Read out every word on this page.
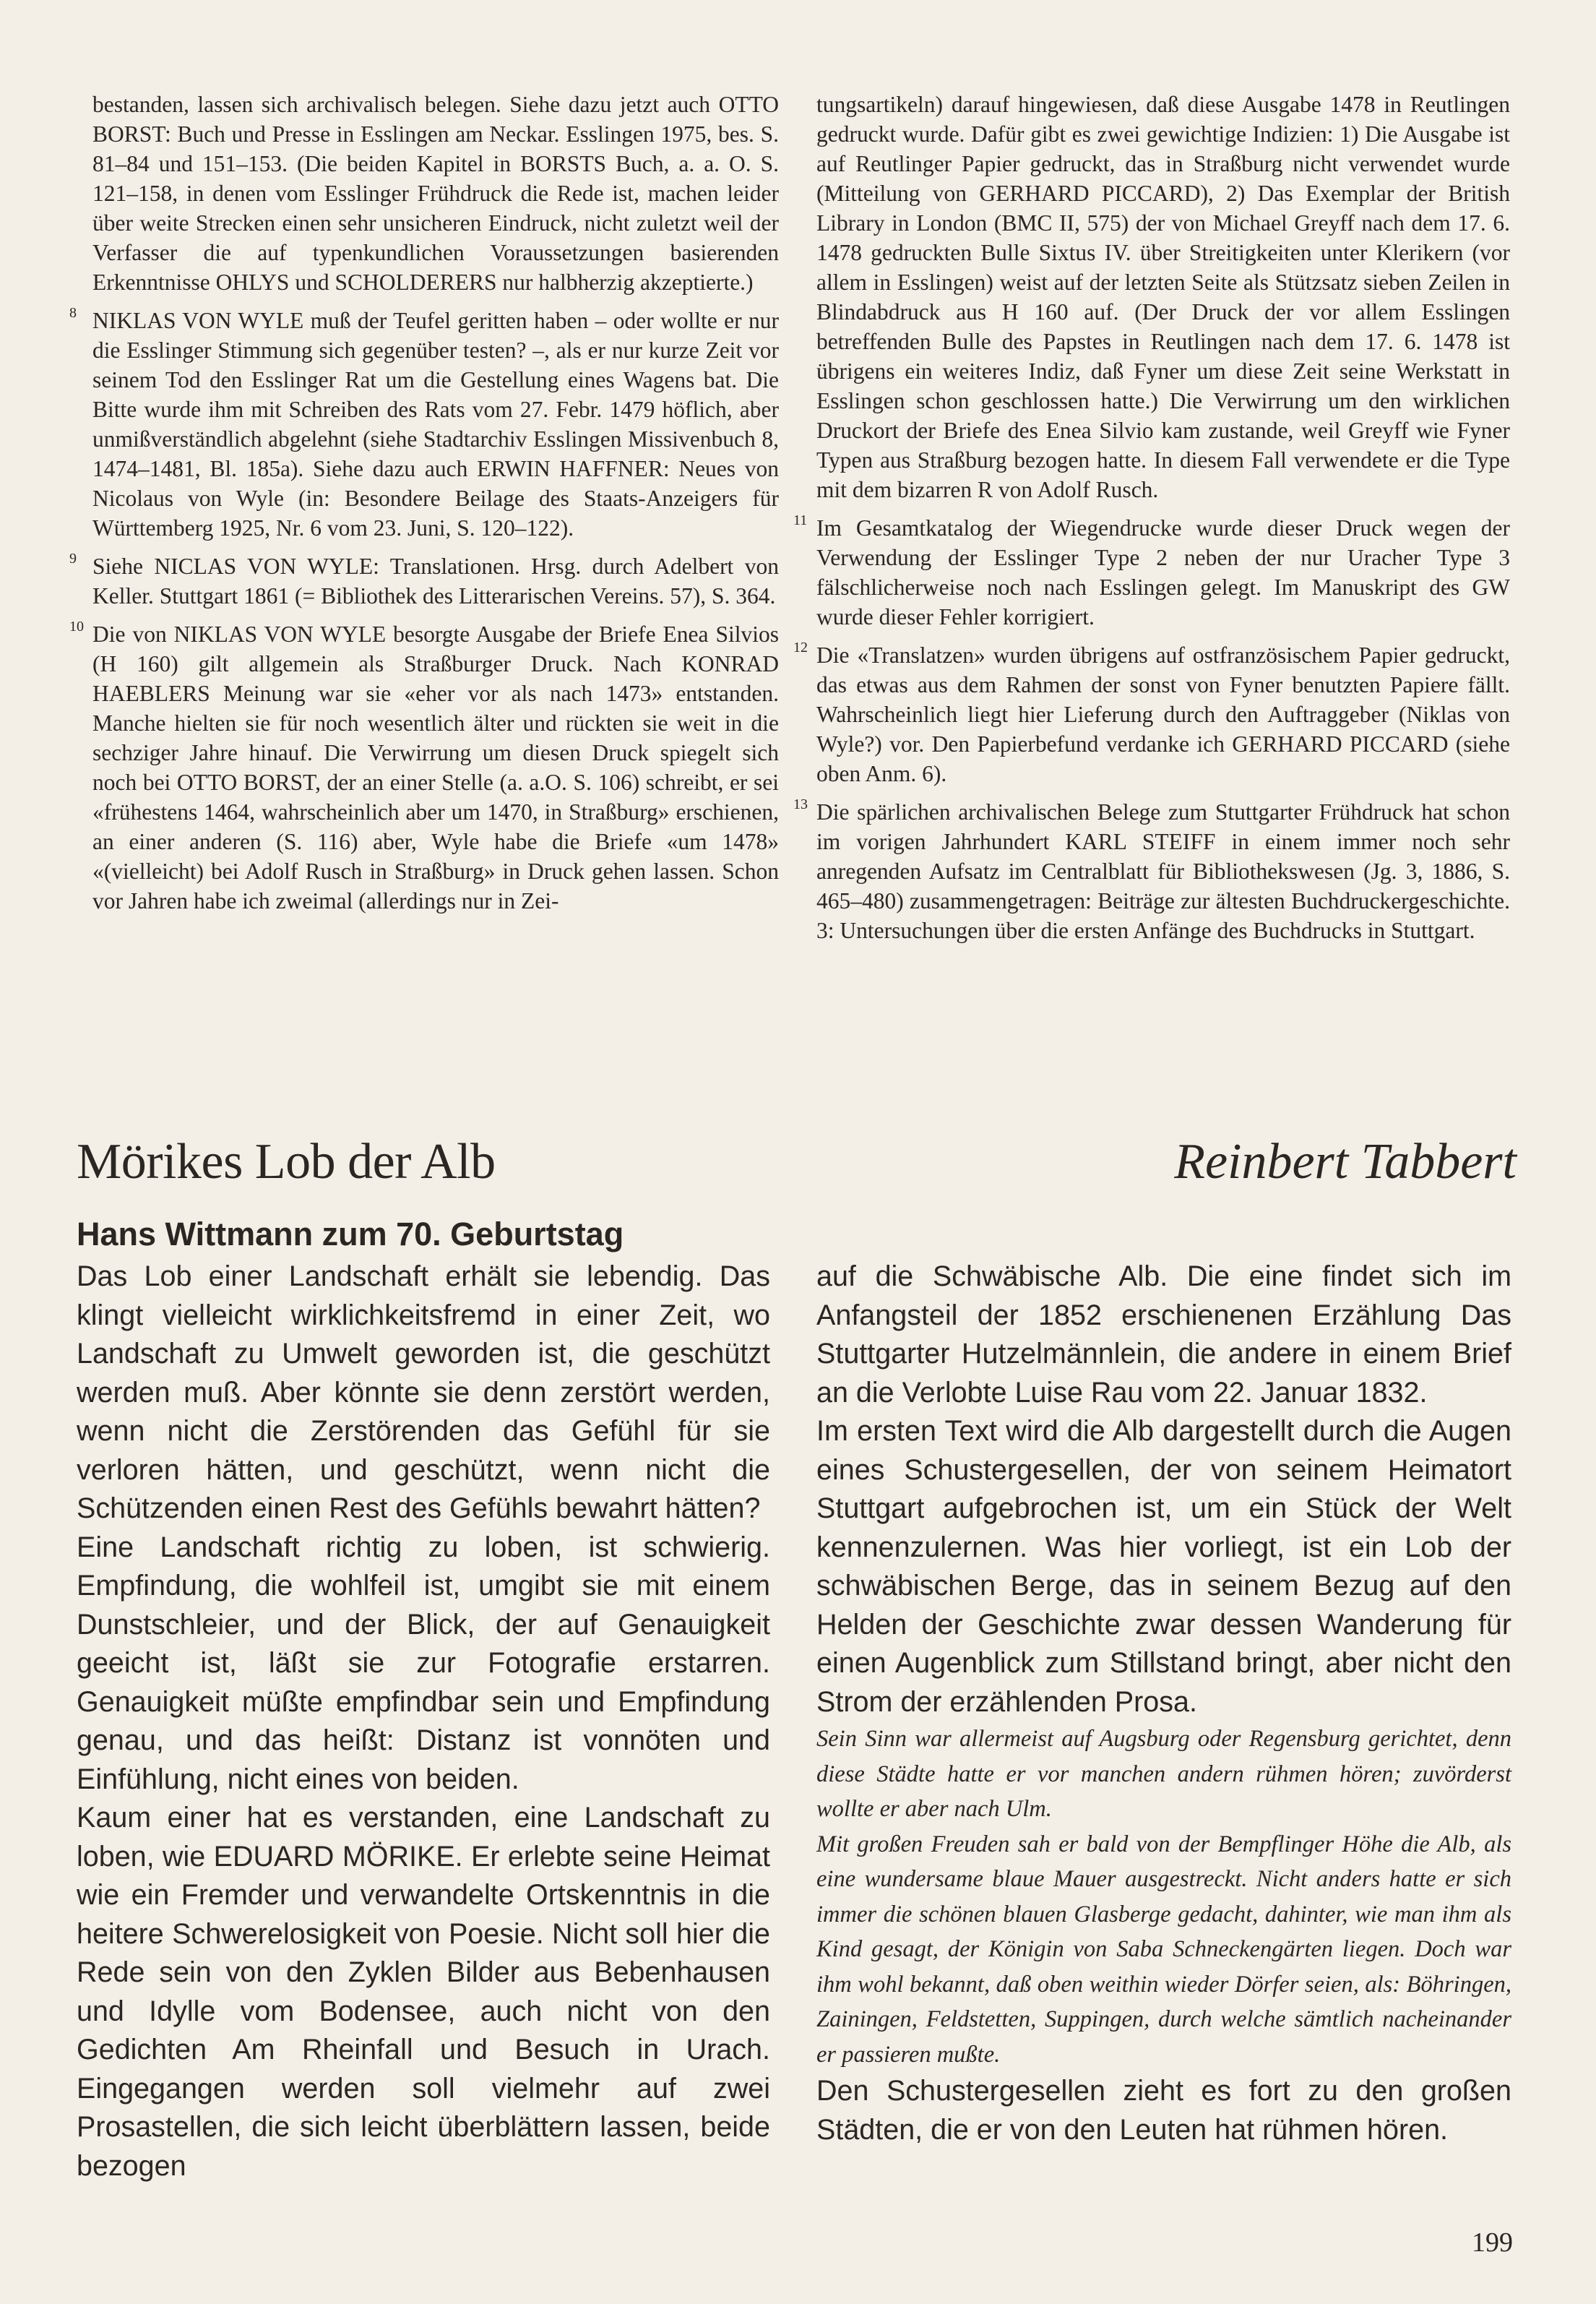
bestanden, lassen sich archivalisch belegen. Siehe dazu jetzt auch OTTO BORST: Buch und Presse in Esslingen am Neckar. Esslingen 1975, bes. S. 81–84 und 151–153. (Die beiden Kapitel in BORSTS Buch, a. a. O. S. 121–158, in denen vom Esslinger Frühdruck die Rede ist, machen leider über weite Strecken einen sehr unsicheren Eindruck, nicht zuletzt weil der Verfasser die auf typenkundlichen Voraussetzungen basierenden Erkenntnisse OHLYS und SCHOLDERERS nur halbherzig akzeptierte.)

8 NIKLAS VON WYLE muß der Teufel geritten haben – oder wollte er nur die Esslinger Stimmung sich gegenüber testen? –, als er nur kurze Zeit vor seinem Tod den Esslinger Rat um die Gestellung eines Wagens bat. Die Bitte wurde ihm mit Schreiben des Rats vom 27. Febr. 1479 höflich, aber unmißverständlich abgelehnt (siehe Stadtarchiv Esslingen Missivenbuch 8, 1474–1481, Bl. 185a). Siehe dazu auch ERWIN HAFFNER: Neues von Nicolaus von Wyle (in: Besondere Beilage des Staats-Anzeigers für Württemberg 1925, Nr. 6 vom 23. Juni, S. 120–122).
9 Siehe NICLAS VON WYLE: Translationen. Hrsg. durch Adelbert von Keller. Stuttgart 1861 (= Bibliothek des Litterarischen Vereins. 57), S. 364.
10 Die von NIKLAS VON WYLE besorgte Ausgabe der Briefe Enea Silvios (H 160) gilt allgemein als Straßburger Druck. Nach KONRAD HAEBLERS Meinung war sie «eher vor als nach 1473» entstanden. Manche hielten sie für noch wesentlich älter und rückten sie weit in die sechziger Jahre hinauf. Die Verwirrung um diesen Druck spiegelt sich noch bei OTTO BORST, der an einer Stelle (a. a.O. S. 106) schreibt, er sei «frühestens 1464, wahrscheinlich aber um 1470, in Straßburg» erschienen, an einer anderen (S. 116) aber, Wyle habe die Briefe «um 1478» «(vielleicht) bei Adolf Rusch in Straßburg» in Druck gehen lassen. Schon vor Jahren habe ich zweimal (allerdings nur in Zei-

tungsartikeln) darauf hingewiesen, daß diese Ausgabe 1478 in Reutlingen gedruckt wurde. Dafür gibt es zwei gewichtige Indizien: 1) Die Ausgabe ist auf Reutlinger Papier gedruckt, das in Straßburg nicht verwendet wurde (Mitteilung von GERHARD PICCARD), 2) Das Exemplar der British Library in London (BMC II, 575) der von Michael Greyff nach dem 17. 6. 1478 gedruckten Bulle Sixtus IV. über Streitigkeiten unter Klerikern (vor allem in Esslingen) weist auf der letzten Seite als Stützsatz sieben Zeilen in Blindabdruck aus H 160 auf. (Der Druck der vor allem Esslingen betreffenden Bulle des Papstes in Reutlingen nach dem 17. 6. 1478 ist übrigens ein weiteres Indiz, daß Fyner um diese Zeit seine Werkstatt in Esslingen schon geschlossen hatte.) Die Verwirrung um den wirklichen Druckort der Briefe des Enea Silvio kam zustande, weil Greyff wie Fyner Typen aus Straßburg bezogen hatte. In diesem Fall verwendete er die Type mit dem bizarren R von Adolf Rusch.

11 Im Gesamtkatalog der Wiegendrucke wurde dieser Druck wegen der Verwendung der Esslinger Type 2 neben der nur Uracher Type 3 fälschlicherweise noch nach Esslingen gelegt. Im Manuskript des GW wurde dieser Fehler korrigiert.
12 Die «Translatzen» wurden übrigens auf ostfranzösischem Papier gedruckt, das etwas aus dem Rahmen der sonst von Fyner benutzten Papiere fällt. Wahrscheinlich liegt hier Lieferung durch den Auftraggeber (Niklas von Wyle?) vor. Den Papierbefund verdanke ich GERHARD PICCARD (siehe oben Anm. 6).
13 Die spärlichen archivalischen Belege zum Stuttgarter Frühdruck hat schon im vorigen Jahrhundert KARL STEIFF in einem immer noch sehr anregenden Aufsatz im Centralblatt für Bibliothekswesen (Jg. 3, 1886, S. 465–480) zusammengetragen: Beiträge zur ältesten Buchdruckergeschichte. 3: Untersuchungen über die ersten Anfänge des Buchdrucks in Stuttgart.
Mörikes Lob der Alb	Reinbert Tabbert
Hans Wittmann zum 70. Geburtstag

Das Lob einer Landschaft erhält sie lebendig. Das klingt vielleicht wirklichkeitsfremd in einer Zeit, wo Landschaft zu Umwelt geworden ist, die geschützt werden muß. Aber könnte sie denn zerstört werden, wenn nicht die Zerstörenden das Gefühl für sie verloren hätten, und geschützt, wenn nicht die Schützenden einen Rest des Gefühls bewahrt hätten?

Eine Landschaft richtig zu loben, ist schwierig. Empfindung, die wohlfeil ist, umgibt sie mit einem Dunstschleier, und der Blick, der auf Genauigkeit geeicht ist, läßt sie zur Fotografie erstarren. Genauigkeit müßte empfindbar sein und Empfindung genau, und das heißt: Distanz ist vonnöten und Einfühlung, nicht eines von beiden.

Kaum einer hat es verstanden, eine Landschaft zu loben, wie EDUARD MÖRIKE. Er erlebte seine Heimat wie ein Fremder und verwandelte Ortskenntnis in die heitere Schwerelosigkeit von Poesie. Nicht soll hier die Rede sein von den Zyklen Bilder aus Bebenhausen und Idylle vom Bodensee, auch nicht von den Gedichten Am Rheinfall und Besuch in Urach. Eingegangen werden soll vielmehr auf zwei Prosastellen, die sich leicht überblättern lassen, beide bezogen

auf die Schwäbische Alb. Die eine findet sich im Anfangsteil der 1852 erschienenen Erzählung Das Stuttgarter Hutzelmännlein, die andere in einem Brief an die Verlobte Luise Rau vom 22. Januar 1832.

Im ersten Text wird die Alb dargestellt durch die Augen eines Schustergesellen, der von seinem Heimatort Stuttgart aufgebrochen ist, um ein Stück der Welt kennenzulernen. Was hier vorliegt, ist ein Lob der schwäbischen Berge, das in seinem Bezug auf den Helden der Geschichte zwar dessen Wanderung für einen Augenblick zum Stillstand bringt, aber nicht den Strom der erzählenden Prosa.

Sein Sinn war allermeist auf Augsburg oder Regensburg gerichtet, denn diese Städte hatte er vor manchen andern rühmen hören; zuvörderst wollte er aber nach Ulm.

Mit großen Freuden sah er bald von der Bempflinger Höhe die Alb, als eine wundersame blaue Mauer ausgestreckt. Nicht anders hatte er sich immer die schönen blauen Glasberge gedacht, dahinter, wie man ihm als Kind gesagt, der Königin von Saba Schneckengärten liegen. Doch war ihm wohl bekannt, daß oben weithin wieder Dörfer seien, als: Böhringen, Zainingen, Feldstetten, Suppingen, durch welche sämtlich nacheinander er passieren mußte.

Den Schustergesellen zieht es fort zu den großen Städten, die er von den Leuten hat rühmen hören.

199
